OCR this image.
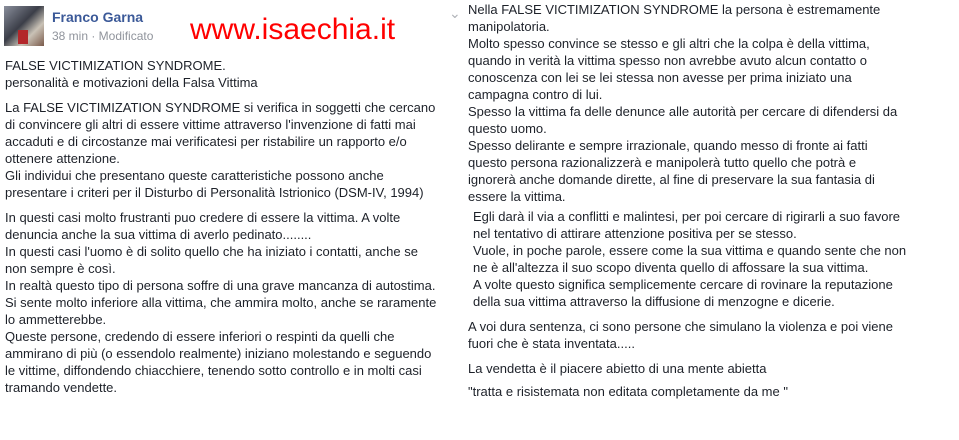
Franco Garna
38 min · Modificato www.isaechia.it	⌄
FALSE VICTIMIZATION SYNDROME.
personalità e motivazioni della Falsa Vittima
La FALSE VICTIMIZATION SYNDROME si verifica in soggetti che cercano
di convincere gli altri di essere vittime attraverso l'invenzione di fatti mai
accaduti e di circostanze mai verificatesi per ristabilire un rapporto e/o
ottenere attenzione.
Gli individui che presentano queste caratteristiche possono anche
presentare i criteri per il Disturbo di Personalità Istrionico (DSM-IV, 1994)
In questi casi molto frustranti puo credere di essere la vittima. A volte
denuncia anche la sua vittima di averlo pedinato........
In questi casi l'uomo è di solito quello che ha iniziato i contatti, anche se
non sempre è così.
In realtà questo tipo di persona soffre di una grave mancanza di autostima.
Si sente molto inferiore alla vittima, che ammira molto, anche se raramente
lo ammetterebbe.
Queste persone, credendo di essere inferiori o respinti da quelli che
ammirano di più (o essendolo realmente) iniziano molestando e seguendo
le vittime, diffondendo chiacchiere, tenendo sotto controllo e in molti casi
tramando vendette.
Nella FALSE VICTIMIZATION SYNDROME la persona è estremamente
manipolatoria.
Molto spesso convince se stesso e gli altri che la colpa è della vittima,
quando in verità la vittima spesso non avrebbe avuto alcun contatto o
conoscenza con lei se lei stessa non avesse per prima iniziato una
campagna contro di lui.
Spesso la vittima fa delle denunce alle autorità per cercare di difendersi da
questo uomo.
Spesso delirante e sempre irrazionale, quando messo di fronte ai fatti
questo persona razionalizzerà e manipolerà tutto quello che potrà e
ignorerà anche domande dirette, al fine di preservare la sua fantasia di
essere la vittima.
Egli darà il via a conflitti e malintesi, per poi cercare di rigirarli a suo favore
nel tentativo di attirare attenzione positiva per se stesso.
Vuole, in poche parole, essere come la sua vittima e quando sente che non
ne è all'altezza il suo scopo diventa quello di affossare la sua vittima.
A volte questo significa semplicemente cercare di rovinare la reputazione
della sua vittima attraverso la diffusione di menzogne e dicerie.
A voi dura sentenza, ci sono persone che simulano la violenza e poi viene
fuori che è stata inventata.....
La vendetta è il piacere abietto di una mente abietta
"tratta e risistemata non editata completamente da me "
